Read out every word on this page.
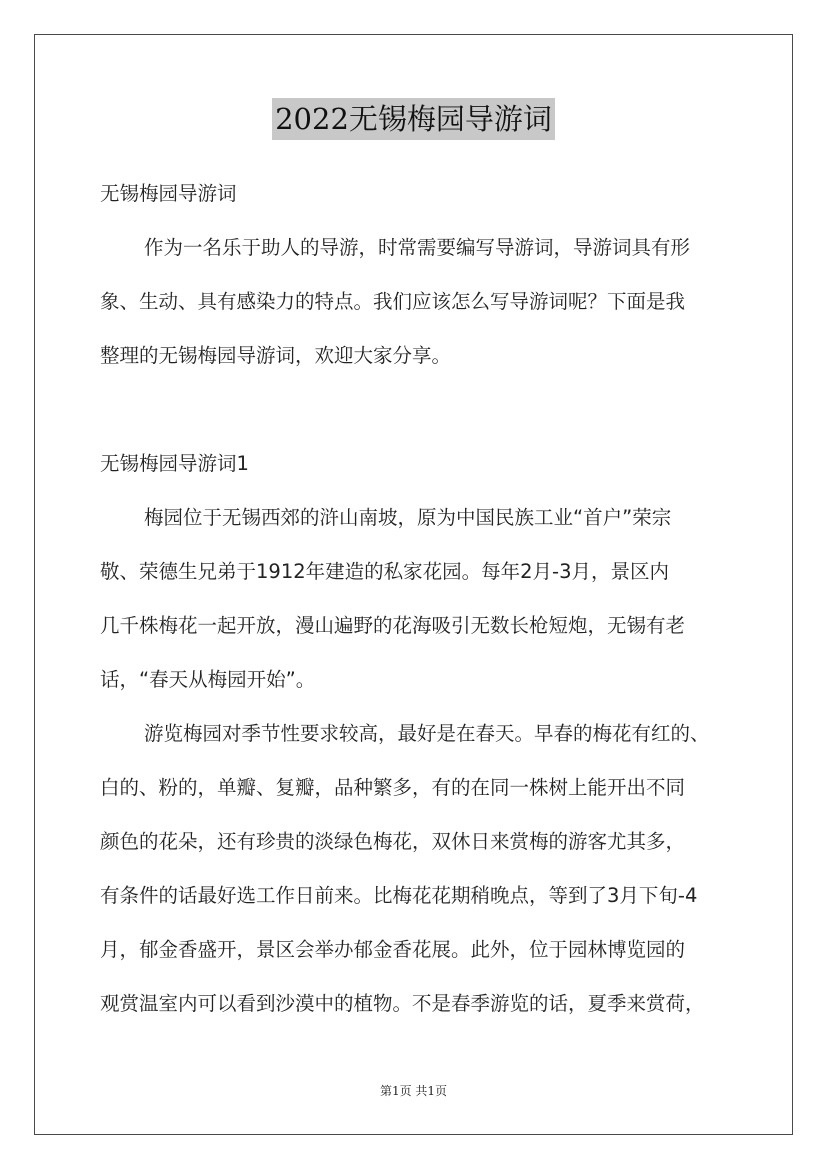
2022无锡梅园导游词

无锡梅园导游词

作为一名乐于助人的导游，时常需要编写导游词，导游词具有形

象、生动、具有感染力的特点。我们应该怎么写导游词呢？下面是我

整理的无锡梅园导游词，欢迎大家分享。

无锡梅园导游词1

梅园位于无锡西郊的浒山南坡，原为中国民族工业“首户”荣宗

敬、荣德生兄弟于1912年建造的私家花园。每年2月-3月，景区内

几千株梅花一起开放，漫山遍野的花海吸引无数长枪短炮，无锡有老

话，“春天从梅园开始”。

游览梅园对季节性要求较高，最好是在春天。早春的梅花有红的、

白的、粉的，单瓣、复瓣，品种繁多，有的在同一株树上能开出不同

颜色的花朵，还有珍贵的淡绿色梅花，双休日来赏梅的游客尤其多，

有条件的话最好选工作日前来。比梅花花期稍晚点，等到了3月下旬-4

月，郁金香盛开，景区会举办郁金香花展。此外，位于园林博览园的

观赏温室内可以看到沙漠中的植物。不是春季游览的话，夏季来赏荷，

第1页 共1页
